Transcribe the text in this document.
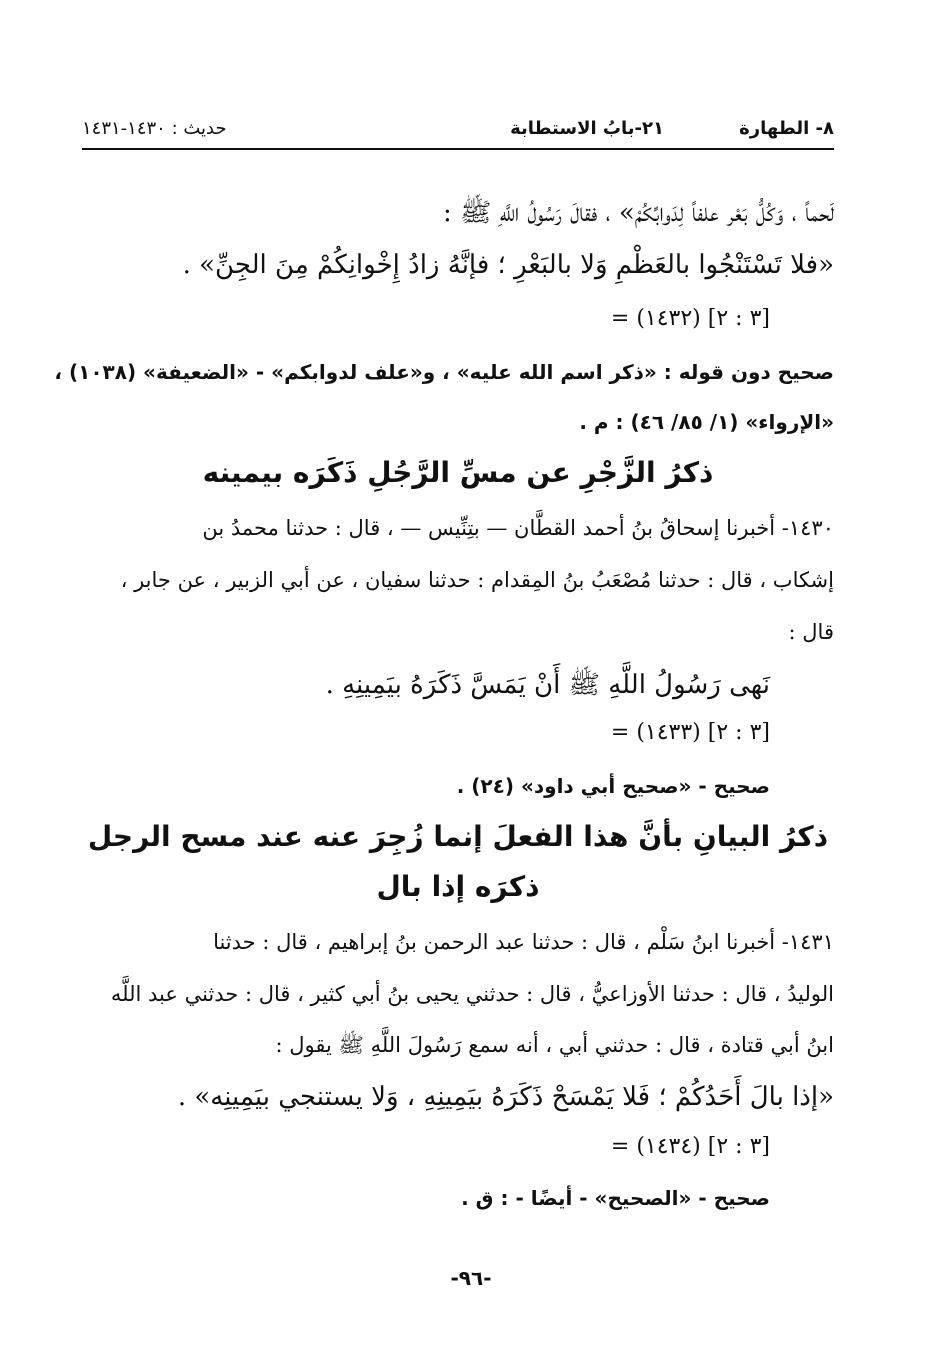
٨- الطهارة
٢١-بابُ الاستطابة
حديث : ١٤٣٠-١٤٣١
لَحماً ، وَكُلُّ بَعْر علفاً لِدَوابِّكُمْ» ، فقالَ رَسُولُ اللَّهِ ﷺ :
«فلا تَسْتَنْجُوا بالعَظْمِ وَلا بالبَعْرِ ؛ فإنَّهُ زادُ إِخْوانِكُمْ مِنَ الجِنِّ» .
= (١٤٣٢) [٣ : ٢]
صحيح دون قوله : «ذكر اسم الله عليه» ، و«علف لدوابكم» - «الضعيفة» (١٠٣٨) ،
«الإرواء» (١/ ٨٥/ ٤٦) : م .
ذكرُ الزَّجْرِ عن مسِّ الرَّجُلِ ذَكَرَه بيمينه
١٤٣٠- أخبرنا إسحاقُ بنُ أحمد القطَّان — بتِنِّيس — ، قال : حدثنا محمدُ بن
إشكاب ، قال : حدثنا مُصْعَبُ بنُ المِقدام : حدثنا سفيان ، عن أبي الزبير ، عن جابر ،
قال :
نَهى رَسُولُ اللَّهِ ﷺ أَنْ يَمَسَّ ذَكَرَهُ بيَمِينِهِ .
= (١٤٣٣) [٣ : ٢]
صحيح - «صحيح أبي داود» (٢٤) .
ذكرُ البيانِ بأنَّ هذا الفعلَ إنما زُجِرَ عنه عند مسح الرجل
ذكرَه إذا بال
١٤٣١- أخبرنا ابنُ سَلْم ، قال : حدثنا عبد الرحمن بنُ إبراهيم ، قال : حدثنا
الوليدُ ، قال : حدثنا الأوزاعيُّ ، قال : حدثني يحيى بنُ أبي كثير ، قال : حدثني عبد اللَّه
ابنُ أبي قتادة ، قال : حدثني أبي ، أنه سمع رَسُولَ اللَّهِ ﷺ يقول :
«إذا بالَ أَحَدُكُمْ ؛ فَلا يَمْسَحْ ذَكَرَهُ بيَمِينِهِ ، وَلا يستنجي بيَمِينِه» .
= (١٤٣٤) [٣ : ٢]
صحيح - «الصحيح» - أيضًا - : ق .
-٩٦-
